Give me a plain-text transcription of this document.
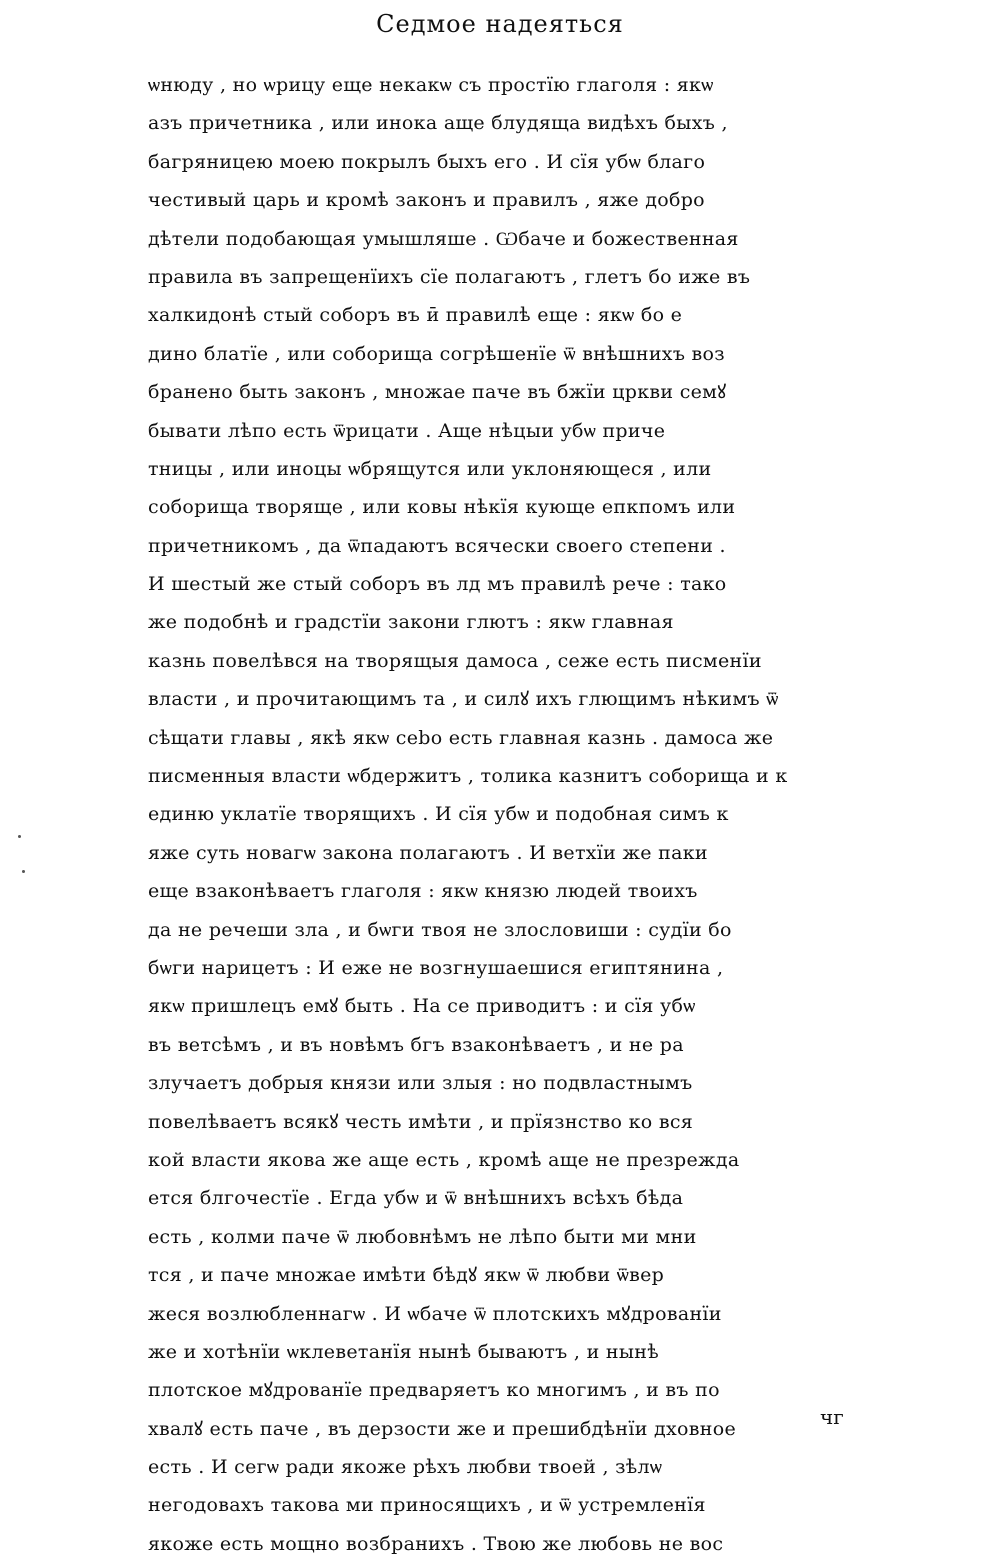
Седмое надеяться
ѡнюду , но ѡрицу еще некакѡ съ простїю глаголя : якѡ
азъ причетника , или инока аще блудяща видѣхъ быхъ ,
багряницею моею покрылъ быхъ его . И сїя убѡ благо
честивый царь и кромѣ законъ и правилъ , яже добро
дѣтели подобающая умышляше . Ѡбаче и божественная
правила въ запрещенїихъ сїе полагаютъ , глетъ бо иже въ
халкидонѣ стый соборъ въ ӣ правилѣ еще : якѡ бо е
дино блатїе , или соборища согрѣшенїе ѿ внѣшнихъ воз
бранено быть законъ , множае паче въ бжїи цркви семꙋ
бывати лѣпо есть ѿрицати . Аще нѣцыи убѡ приче
тницы , или иноцы ѡбрящутся или уклоняющеся , или
соборища творяще , или ковы нѣкїя кующе епкпомъ или
причетникомъ , да ѿпадаютъ всячески своего степени .
И шестый же стый соборъ въ лд мъ правилѣ рече : тако
же подобнѣ и градстїи закони глютъ : якѡ главная
казнь повелѣвся на творящыя дамоса , сеже есть писменїи
власти , и прочитающимъ та , и силꙋ ихъ глющимъ нѣкимъ ѿ
сѣщати главы , якѣ якѡ сеbo есть главная казнь . дамоса же
писменныя власти ѡбдержитъ , толика казнитъ соборища и к
единю уклатїе творящихъ . И сїя убѡ и подобная симъ к
яже суть новагѡ закона полагаютъ . И ветхїи же паки
еще взаконѣваетъ глаголя : якѡ князю людей твоихъ
да не речеши зла , и бѡги твоя не злословиши : судїи бо
бѡги нарицетъ : И еже не возгнушаешися египтянина ,
якѡ пришлецъ емꙋ быть . На се приводитъ : и сїя убѡ
въ ветсѣмъ , и въ новѣмъ бгъ взаконѣваетъ , и не ра
злучаетъ добрыя князи или злыя : но подвластнымъ
повелѣваетъ всякꙋ честь имѣти , и прїязнство ко вся
кой власти якова же аще есть , кромѣ аще не презрежда
ется блгочестїе . Егда убѡ и ѿ внѣшнихъ всѣхъ бѣда
есть , колми паче ѿ любовнѣмъ не лѣпо быти ми мни
тся , и паче множае имѣти бѣдꙋ якѡ ѿ любви ѿвер
жеся возлюбленнагѡ . И ѡбаче ѿ плотскихъ мꙋдрованїи
же и хотѣнїи ѡклеветанїя нынѣ бываютъ , и нынѣ
плотское мꙋдрованїе предваряетъ ко многимъ , и въ по
хвалꙋ есть паче , въ дерзости же и прешибдѣнїи дховное
есть . И сегѡ ради якоже рѣхъ любви твоей , зѣлѡ
негодовахъ такова ми приносящихъ , и ѿ устремленїя
якоже есть мощно возбранихъ . Твою же любовь не вос
чг
